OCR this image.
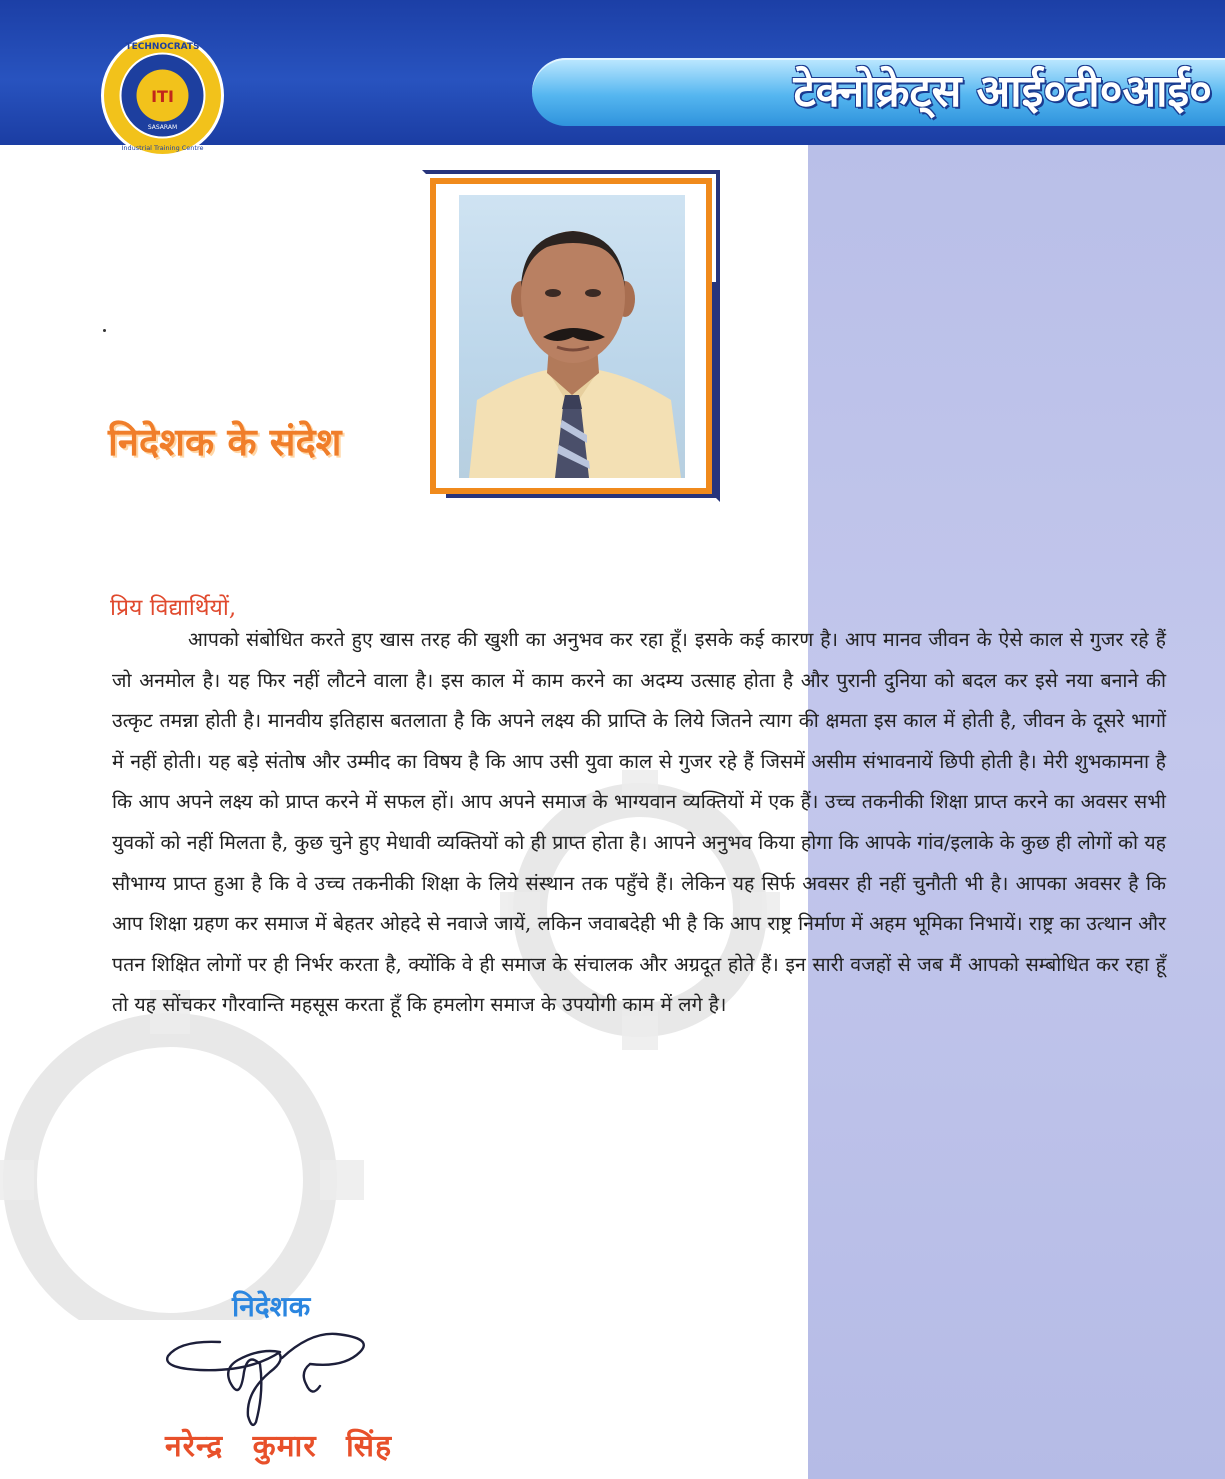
ITI
SASARAM
TECHNOCRATS
Industrial Training Centre
टेक्नोक्रेट्स आई०टी०आई०
निदेशक के संदेश
प्रिय विद्यार्थियों,
आपको संबोधित करते हुए खास तरह की खुशी का अनुभव कर रहा हूँ। इसके कई कारण है। आप मानव जीवन के ऐसे काल से गुजर रहे हैं जो अनमोल है। यह फिर नहीं लौटने वाला है। इस काल में काम करने का अदम्य उत्साह होता है और पुरानी दुनिया को बदल कर इसे नया बनाने की उत्कृट तमन्ना होती है। मानवीय इतिहास बतलाता है कि अपने लक्ष्य की प्राप्ति के लिये जितने त्याग की क्षमता इस काल में होती है, जीवन के दूसरे भागों में नहीं होती। यह बड़े संतोष और उम्मीद का विषय है कि आप उसी युवा काल से गुजर रहे हैं जिसमें असीम संभावनायें छिपी होती है। मेरी शुभकामना है कि आप अपने लक्ष्य को प्राप्त करने में सफल हों। आप अपने समाज के भाग्यवान व्यक्तियों में एक हैं। उच्च तकनीकी शिक्षा प्राप्त करने का अवसर सभी युवकों को नहीं मिलता है, कुछ चुने हुए मेधावी व्यक्तियों को ही प्राप्त होता है। आपने अनुभव किया होगा कि आपके गांव/इलाके के कुछ ही लोगों को यह सौभाग्य प्राप्त हुआ है कि वे उच्च तकनीकी शिक्षा के लिये संस्थान तक पहुँचे हैं। लेकिन यह सिर्फ अवसर ही नहीं चुनौती भी है। आपका अवसर है कि आप शिक्षा ग्रहण कर समाज में बेहतर ओहदे से नवाजे जायें, लकिन जवाबदेही भी है कि आप राष्ट्र निर्माण में अहम भूमिका निभायें। राष्ट्र का उत्थान और पतन शिक्षित लोगों पर ही निर्भर करता है, क्योंकि वे ही समाज के संचालक और अग्रदूत होते हैं। इन सारी वजहों से जब मैं आपको सम्बोधित कर रहा हूँ तो यह सोंचकर गौरवान्ति महसूस करता हूँ कि हमलोग समाज के उपयोगी काम में लगे है।
निदेशक
नरेन्द्र कुमार सिंह
